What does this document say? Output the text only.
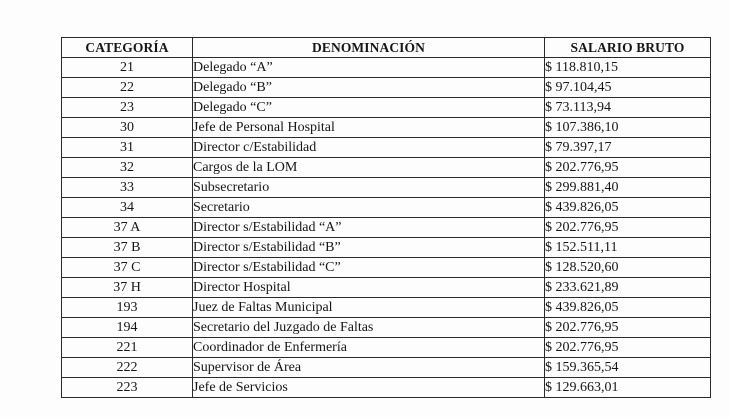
CATEGORÍA	DENOMINACIÓN	SALARIO BRUTO
21	Delegado “A”	$ 118.810,15
22	Delegado “B”	$ 97.104,45
23	Delegado “C”	$ 73.113,94
30	Jefe de Personal Hospital	$ 107.386,10
31	Director c/Estabilidad	$ 79.397,17
32	Cargos de la LOM	$ 202.776,95
33	Subsecretario	$ 299.881,40
34	Secretario	$ 439.826,05
37 A	Director s/Estabilidad “A”	$ 202.776,95
37 B	Director s/Estabilidad “B”	$ 152.511,11
37 C	Director s/Estabilidad “C”	$ 128.520,60
37 H	Director Hospital	$ 233.621,89
193	Juez de Faltas Municipal	$ 439.826,05
194	Secretario del Juzgado de Faltas	$ 202.776,95
221	Coordinador de Enfermería	$ 202.776,95
222	Supervisor de Área	$ 159.365,54
223	Jefe de Servicios	$ 129.663,01
